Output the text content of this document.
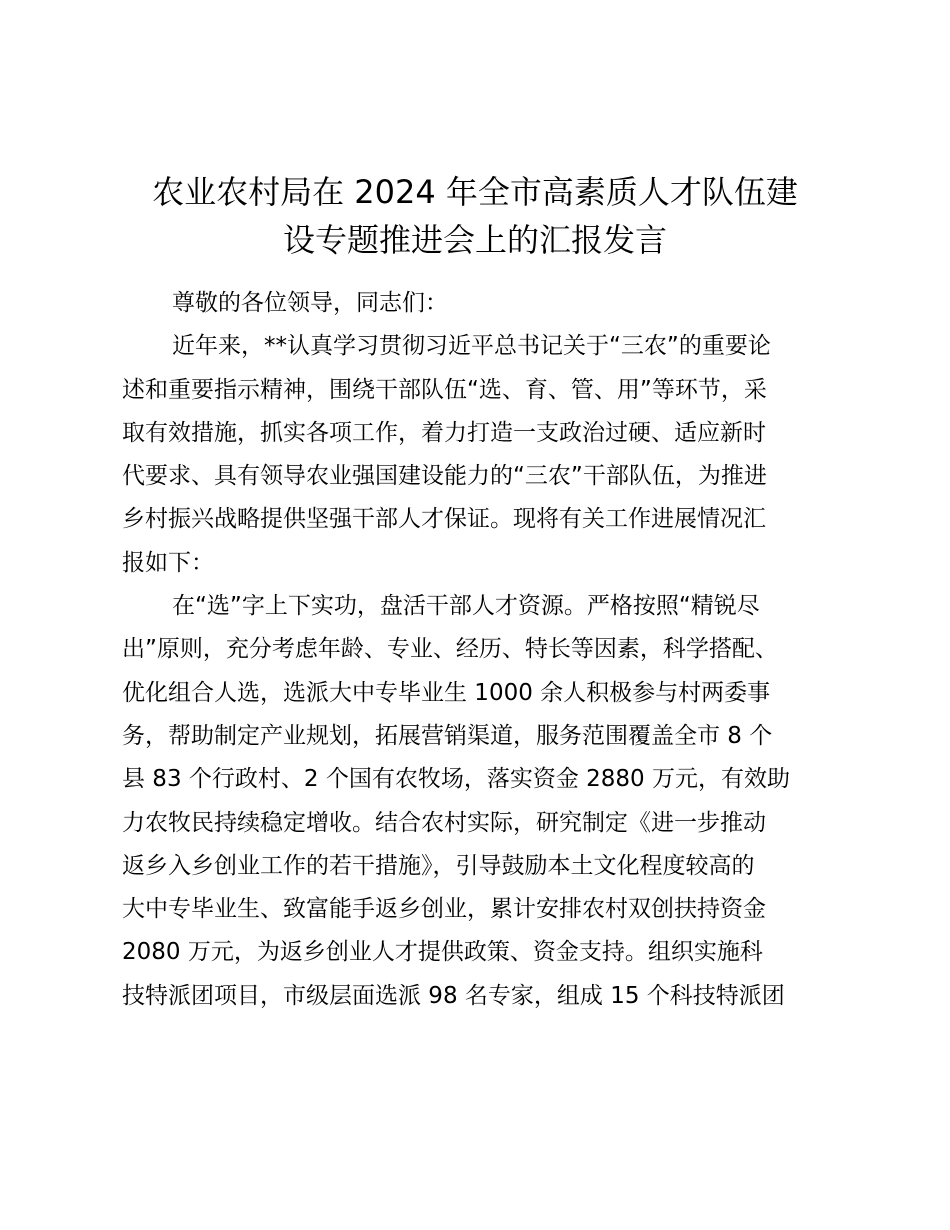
农业农村局在 2024 年全市高素质人才队伍建
设专题推进会上的汇报发言
尊敬的各位领导，同志们：
近年来，**认真学习贯彻习近平总书记关于“三农”的重要论
述和重要指示精神，围绕干部队伍“选、育、管、用”等环节，采
取有效措施，抓实各项工作，着力打造一支政治过硬、适应新时
代要求、具有领导农业强国建设能力的“三农”干部队伍，为推进
乡村振兴战略提供坚强干部人才保证。现将有关工作进展情况汇
报如下：
在“选”字上下实功，盘活干部人才资源。严格按照“精锐尽
出”原则，充分考虑年龄、专业、经历、特长等因素，科学搭配、
优化组合人选，选派大中专毕业生 1000 余人积极参与村两委事
务，帮助制定产业规划，拓展营销渠道，服务范围覆盖全市 8 个
县 83 个行政村、2 个国有农牧场，落实资金 2880 万元，有效助
力农牧民持续稳定增收。结合农村实际，研究制定《进一步推动
返乡入乡创业工作的若干措施》，引导鼓励本土文化程度较高的
大中专毕业生、致富能手返乡创业，累计安排农村双创扶持资金
2080 万元，为返乡创业人才提供政策、资金支持。组织实施科
技特派团项目，市级层面选派 98 名专家，组成 15 个科技特派团
